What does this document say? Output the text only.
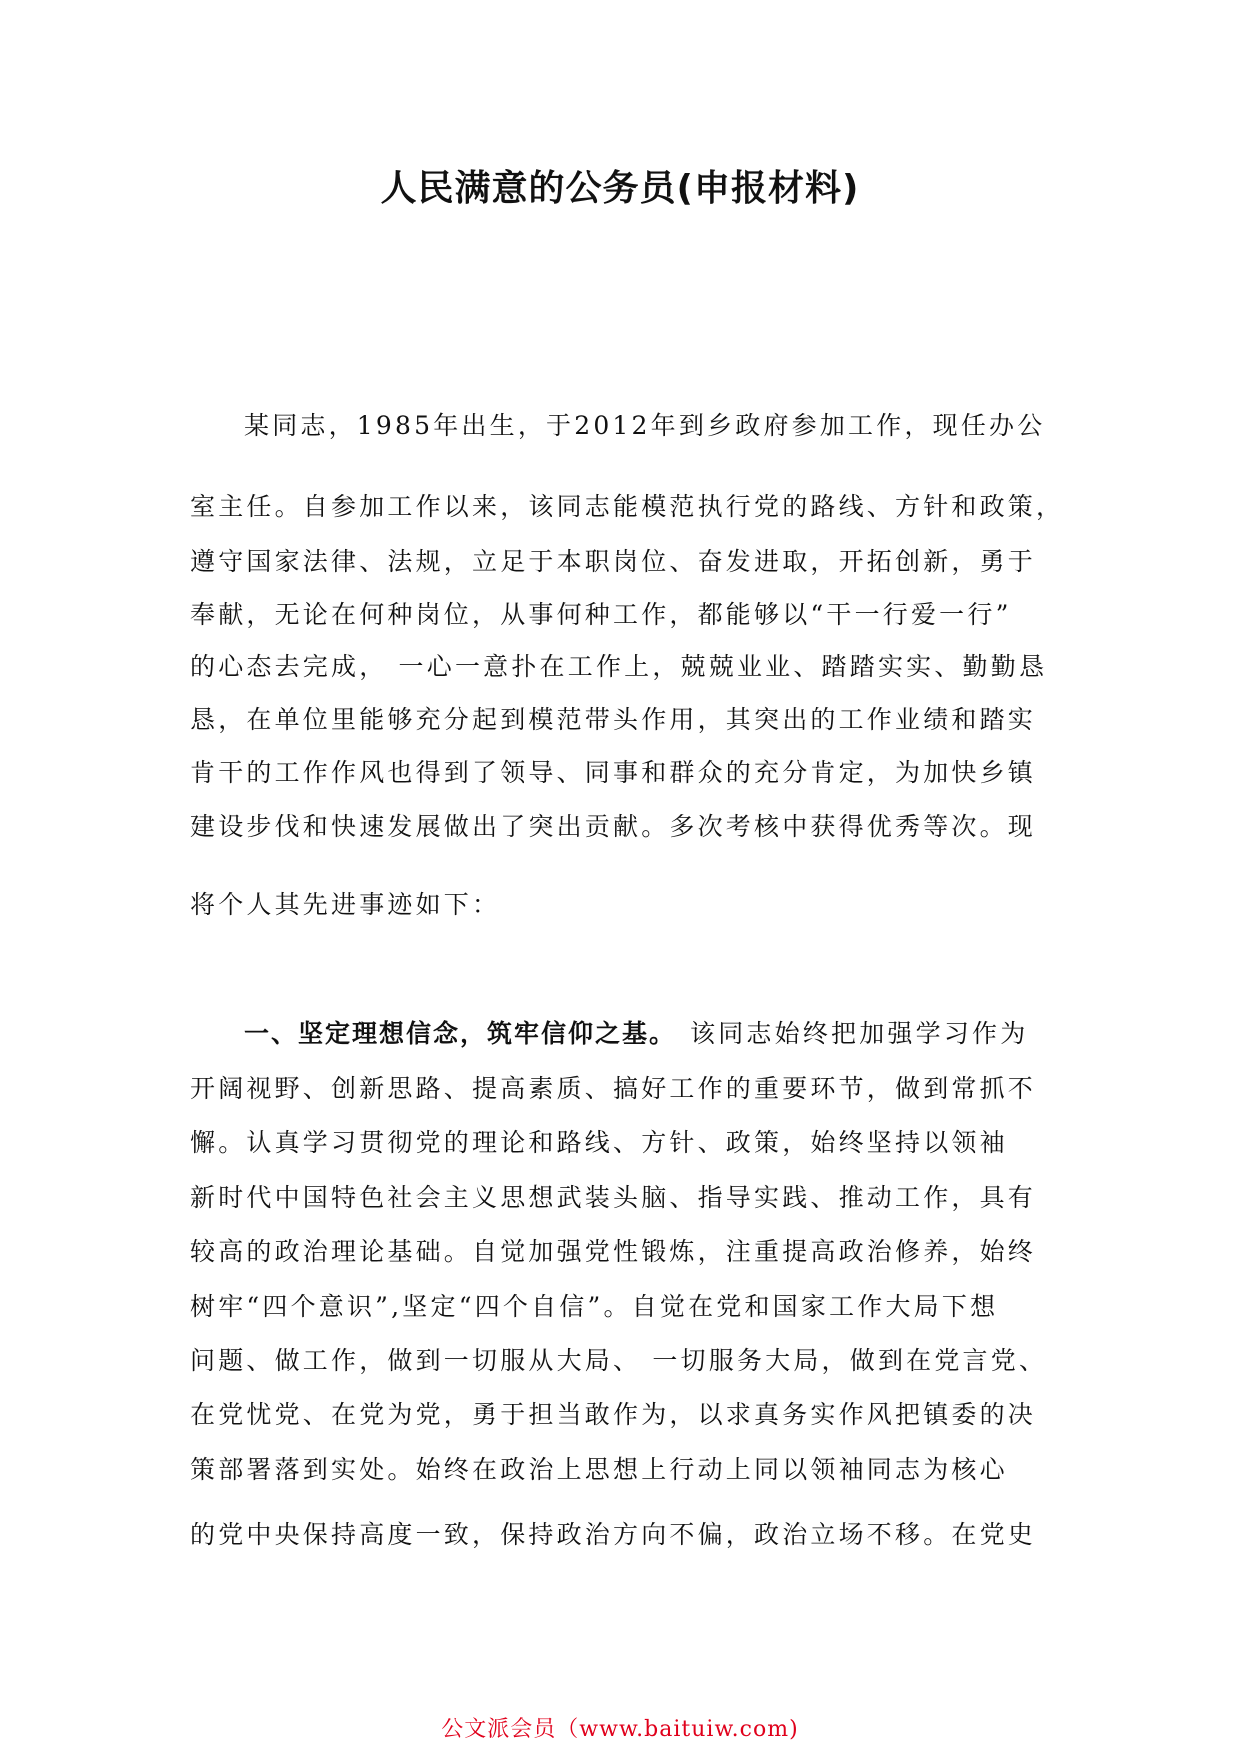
人民满意的公务员(申报材料)
某同志，1985年出生，于2012年到乡政府参加工作，现任办公
室主任。自参加工作以来，该同志能模范执行党的路线、方针和政策，
遵守国家法律、法规，立足于本职岗位、奋发进取，开拓创新，勇于
奉献，无论在何种岗位，从事何种工作，都能够以“干一行爱一行”
的心态去完成， 一心一意扑在工作上，兢兢业业、踏踏实实、勤勤恳
恳，在单位里能够充分起到模范带头作用，其突出的工作业绩和踏实
肯干的工作作风也得到了领导、同事和群众的充分肯定，为加快乡镇
建设步伐和快速发展做出了突出贡献。多次考核中获得优秀等次。现
将个人其先进事迹如下：
一、坚定理想信念，筑牢信仰之基。 该同志始终把加强学习作为
开阔视野、创新思路、提高素质、搞好工作的重要环节，做到常抓不
懈。认真学习贯彻党的理论和路线、方针、政策，始终坚持以领袖
新时代中国特色社会主义思想武装头脑、指导实践、推动工作，具有
较高的政治理论基础。自觉加强党性锻炼，注重提高政治修养，始终
树牢“四个意识”,坚定“四个自信”。自觉在党和国家工作大局下想
问题、做工作，做到一切服从大局、 一切服务大局，做到在党言党、
在党忧党、在党为党，勇于担当敢作为，以求真务实作风把镇委的决
策部署落到实处。始终在政治上思想上行动上同以领袖同志为核心
的党中央保持高度一致，保持政治方向不偏，政治立场不移。在党史
公文派会员（www.baituiw.com)
